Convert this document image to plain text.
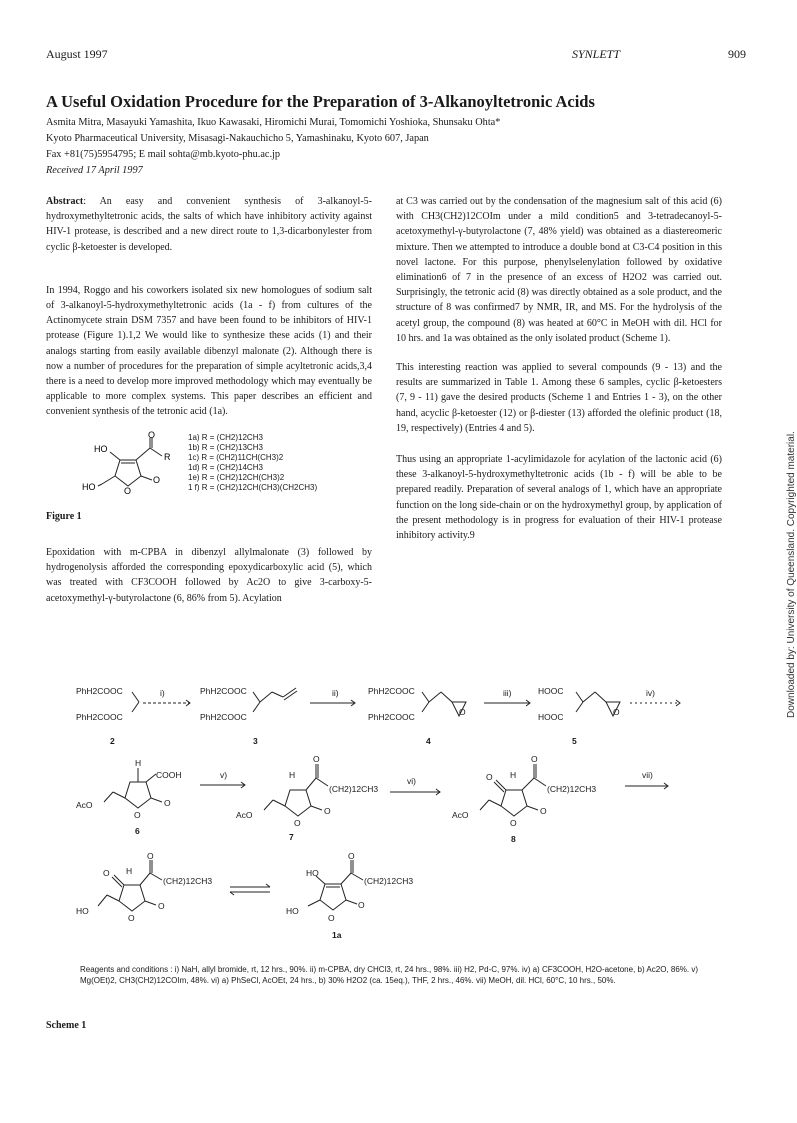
August 1997	SYNLETT	909
A Useful Oxidation Procedure for the Preparation of 3-Alkanoyltetronic Acids
Asmita Mitra, Masayuki Yamashita, Ikuo Kawasaki, Hiromichi Murai, Tomomichi Yoshioka, Shunsaku Ohta*
Kyoto Pharmaceutical University, Misasagi-Nakauchicho 5, Yamashinaku, Kyoto 607, Japan
Fax +81(75)5954795; E mail sohta@mb.kyoto-phu.ac.jp
Received 17 April 1997

Abstract: An easy and convenient synthesis of 3-alkanoyl-5-hydroxymethyltetronic acids, the salts of which have inhibitory activity against HIV-1 protease, is described and a new direct route to 1,3-dicarbonylester from cyclic β-ketoester is developed.

In 1994, Roggo and his coworkers isolated six new homologues of sodium salt of 3-alkanoyl-5-hydroxymethyltetronic acids (1a - f) from cultures of the Actinomycete strain DSM 7357 and have been found to be inhibitors of HIV-1 protease (Figure 1).1,2 We would like to synthesize these acids (1) and their analogs starting from easily available dibenzyl malonate (2). Although there is now a number of procedures for the preparation of simple acyltetronic acids,3,4 there is a need to develop more improved methodology which may eventually be applicable to more complex systems. This paper describes an efficient and convenient synthesis of the tetronic acid (1a).

O
HO
R
O
O
HO
1a) R = (CH2)12CH3
1b) R = (CH2)13CH3
1c) R = (CH2)11CH(CH3)2
1d) R = (CH2)14CH3
1e) R = (CH2)12CH(CH3)2
1 f) R = (CH2)12CH(CH3)(CH2CH3)
Figure 1
Epoxidation with m-CPBA in dibenzyl allylmalonate (3) followed by hydrogenolysis afforded the corresponding epoxydicarboxylic acid (5), which was treated with CF3COOH followed by Ac2O to give 3-carboxy-5-acetoxymethyl-γ-butyrolactone (6, 86% from 5). Acylation

at C3 was carried out by the condensation of the magnesium salt of this acid (6) with CH3(CH2)12COIm under a mild condition5 and 3-tetradecanoyl-5-acetoxymethyl-γ-butyrolactone (7, 48% yield) was obtained as a diastereomeric mixture. Then we attempted to introduce a double bond at C3-C4 position in this novel lactone. For this purpose, phenylselenylation followed by oxidative elimination6 of 7 in the presence of an excess of H2O2 was carried out. Surprisingly, the tetronic acid (8) was directly obtained as a sole product, and the structure of 8 was confirmed7 by NMR, IR, and MS. For the hydrolysis of the acetyl group, the compound (8) was heated at 60°C in MeOH with dil. HCl for 10 hrs. and 1a was obtained as the only isolated product (Scheme 1).

This interesting reaction was applied to several compounds (9 - 13) and the results are summarized in Table 1. Among these 6 samples, cyclic β-ketoesters (7, 9 - 11) gave the desired products (Scheme 1 and Entries 1 - 3), on the other hand, acyclic β-ketoester (12) or β-diester (13) afforded the olefinic product (18, 19, respectively) (Entries 4 and 5).

Thus using an appropriate 1-acylimidazole for acylation of the lactonic acid (6) these 3-alkanoyl-5-hydroxymethyltetronic acids (1b - f) will be able to be prepared readily. Preparation of several analogs of 1, which have an appropriate function on the long side-chain or on the hydroxymethyl group, by application of the present methodology is in progress for evaluation of their HIV-1 protease inhibitory activity.9	Downloaded by: University of Queensland. Copyrighted material.
PhH2COOC
PhH2COOC
i)
2
PhH2COOC
PhH2COOC
ii)
3
PhH2COOC
PhH2COOC	O
iii)
4
HOOC
HOOC	O
iv)
5
H
COOH
AcO
O
O
v)
6
H
O
(CH2)12CH3
AcO
O
O
vi)
7
H
O
O
(CH2)12CH3
AcO
O
O
vii)
8
H
O
O
(CH2)12CH3
HO
O
O
HO
O
(CH2)12CH3
HO
O
O
1a
Reagents and conditions : i) NaH, allyl bromide, rt, 12 hrs., 90%. ii) m-CPBA, dry CHCl3, rt, 24 hrs., 98%. iii) H2, Pd-C, 97%. iv) a) CF3COOH, H2O-acetone, b) Ac2O, 86%. v) Mg(OEt)2, CH3(CH2)12COIm, 48%. vi) a) PhSeCl, AcOEt, 24 hrs., b) 30% H2O2 (ca. 15eq.), THF, 2 hrs., 46%. vii) MeOH, dil. HCl, 60°C, 10 hrs., 50%.
Scheme 1
